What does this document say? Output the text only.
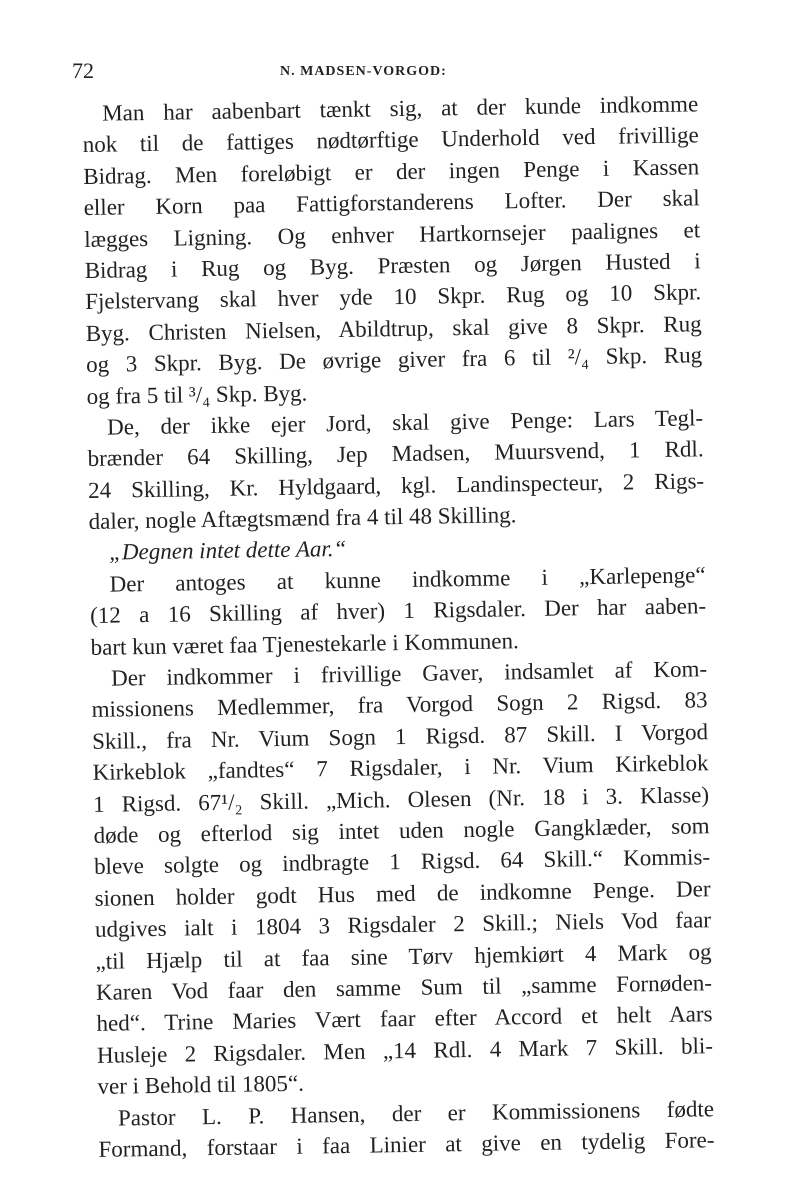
72	N. MADSEN-VORGOD:
Man har aabenbart tænkt sig, at der kunde indkomme
nok til de fattiges nødtørftige Underhold ved frivillige
Bidrag. Men foreløbigt er der ingen Penge i Kassen
eller Korn paa Fattigforstanderens Lofter. Der skal
lægges Ligning. Og enhver Hartkornsejer paalignes et
Bidrag i Rug og Byg. Præsten og Jørgen Husted i
Fjelstervang skal hver yde 10 Skpr. Rug og 10 Skpr.
Byg. Christen Nielsen, Abildtrup, skal give 8 Skpr. Rug
og 3 Skpr. Byg. De øvrige giver fra 6 til ²/₄ Skp. Rug
og fra 5 til ³/₄ Skp. Byg.
De, der ikke ejer Jord, skal give Penge: Lars Tegl-
brænder 64 Skilling, Jep Madsen, Muursvend, 1 Rdl.
24 Skilling, Kr. Hyldgaard, kgl. Landinspecteur, 2 Rigs-
daler, nogle Aftægtsmænd fra 4 til 48 Skilling.
„Degnen intet dette Aar.“
Der antoges at kunne indkomme i „Karlepenge“
(12 a 16 Skilling af hver) 1 Rigsdaler. Der har aaben-
bart kun været faa Tjenestekarle i Kommunen.
Der indkommer i frivillige Gaver, indsamlet af Kom-
missionens Medlemmer, fra Vorgod Sogn 2 Rigsd. 83
Skill., fra Nr. Vium Sogn 1 Rigsd. 87 Skill. I Vorgod
Kirkeblok „fandtes“ 7 Rigsdaler, i Nr. Vium Kirkeblok
1 Rigsd. 67¹/₂ Skill. „Mich. Olesen (Nr. 18 i 3. Klasse)
døde og efterlod sig intet uden nogle Gangklæder, som
bleve solgte og indbragte 1 Rigsd. 64 Skill.“ Kommis-
sionen holder godt Hus med de indkomne Penge. Der
udgives ialt i 1804 3 Rigsdaler 2 Skill.; Niels Vod faar
„til Hjælp til at faa sine Tørv hjemkiørt 4 Mark og
Karen Vod faar den samme Sum til „samme Fornøden-
hed“. Trine Maries Vært faar efter Accord et helt Aars
Husleje 2 Rigsdaler. Men „14 Rdl. 4 Mark 7 Skill. bli-
ver i Behold til 1805“.
Pastor L. P. Hansen, der er Kommissionens fødte
Formand, forstaar i faa Linier at give en tydelig Fore-
